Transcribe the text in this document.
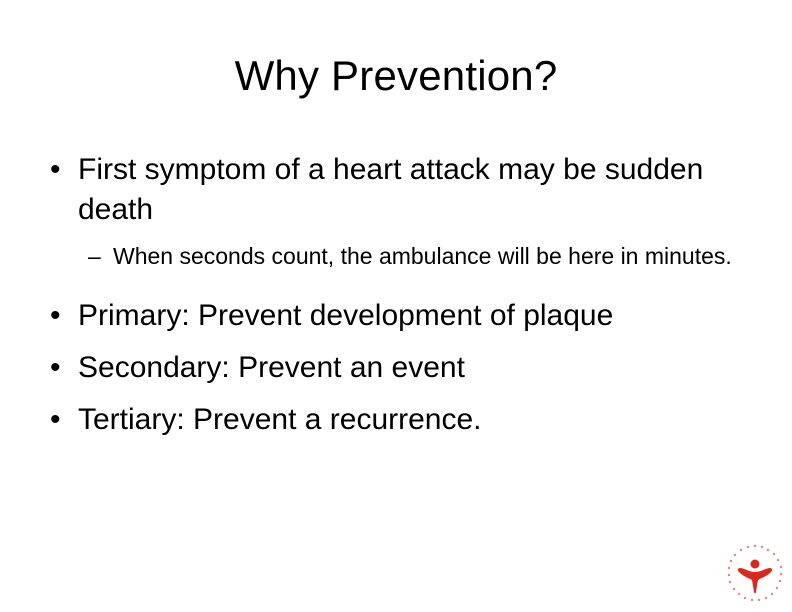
Why Prevention?
• First symptom of a heart attack may be sudden death
– When seconds count, the ambulance will be here in minutes.
• Primary: Prevent development of plaque
• Secondary: Prevent an event
• Tertiary: Prevent a recurrence.
